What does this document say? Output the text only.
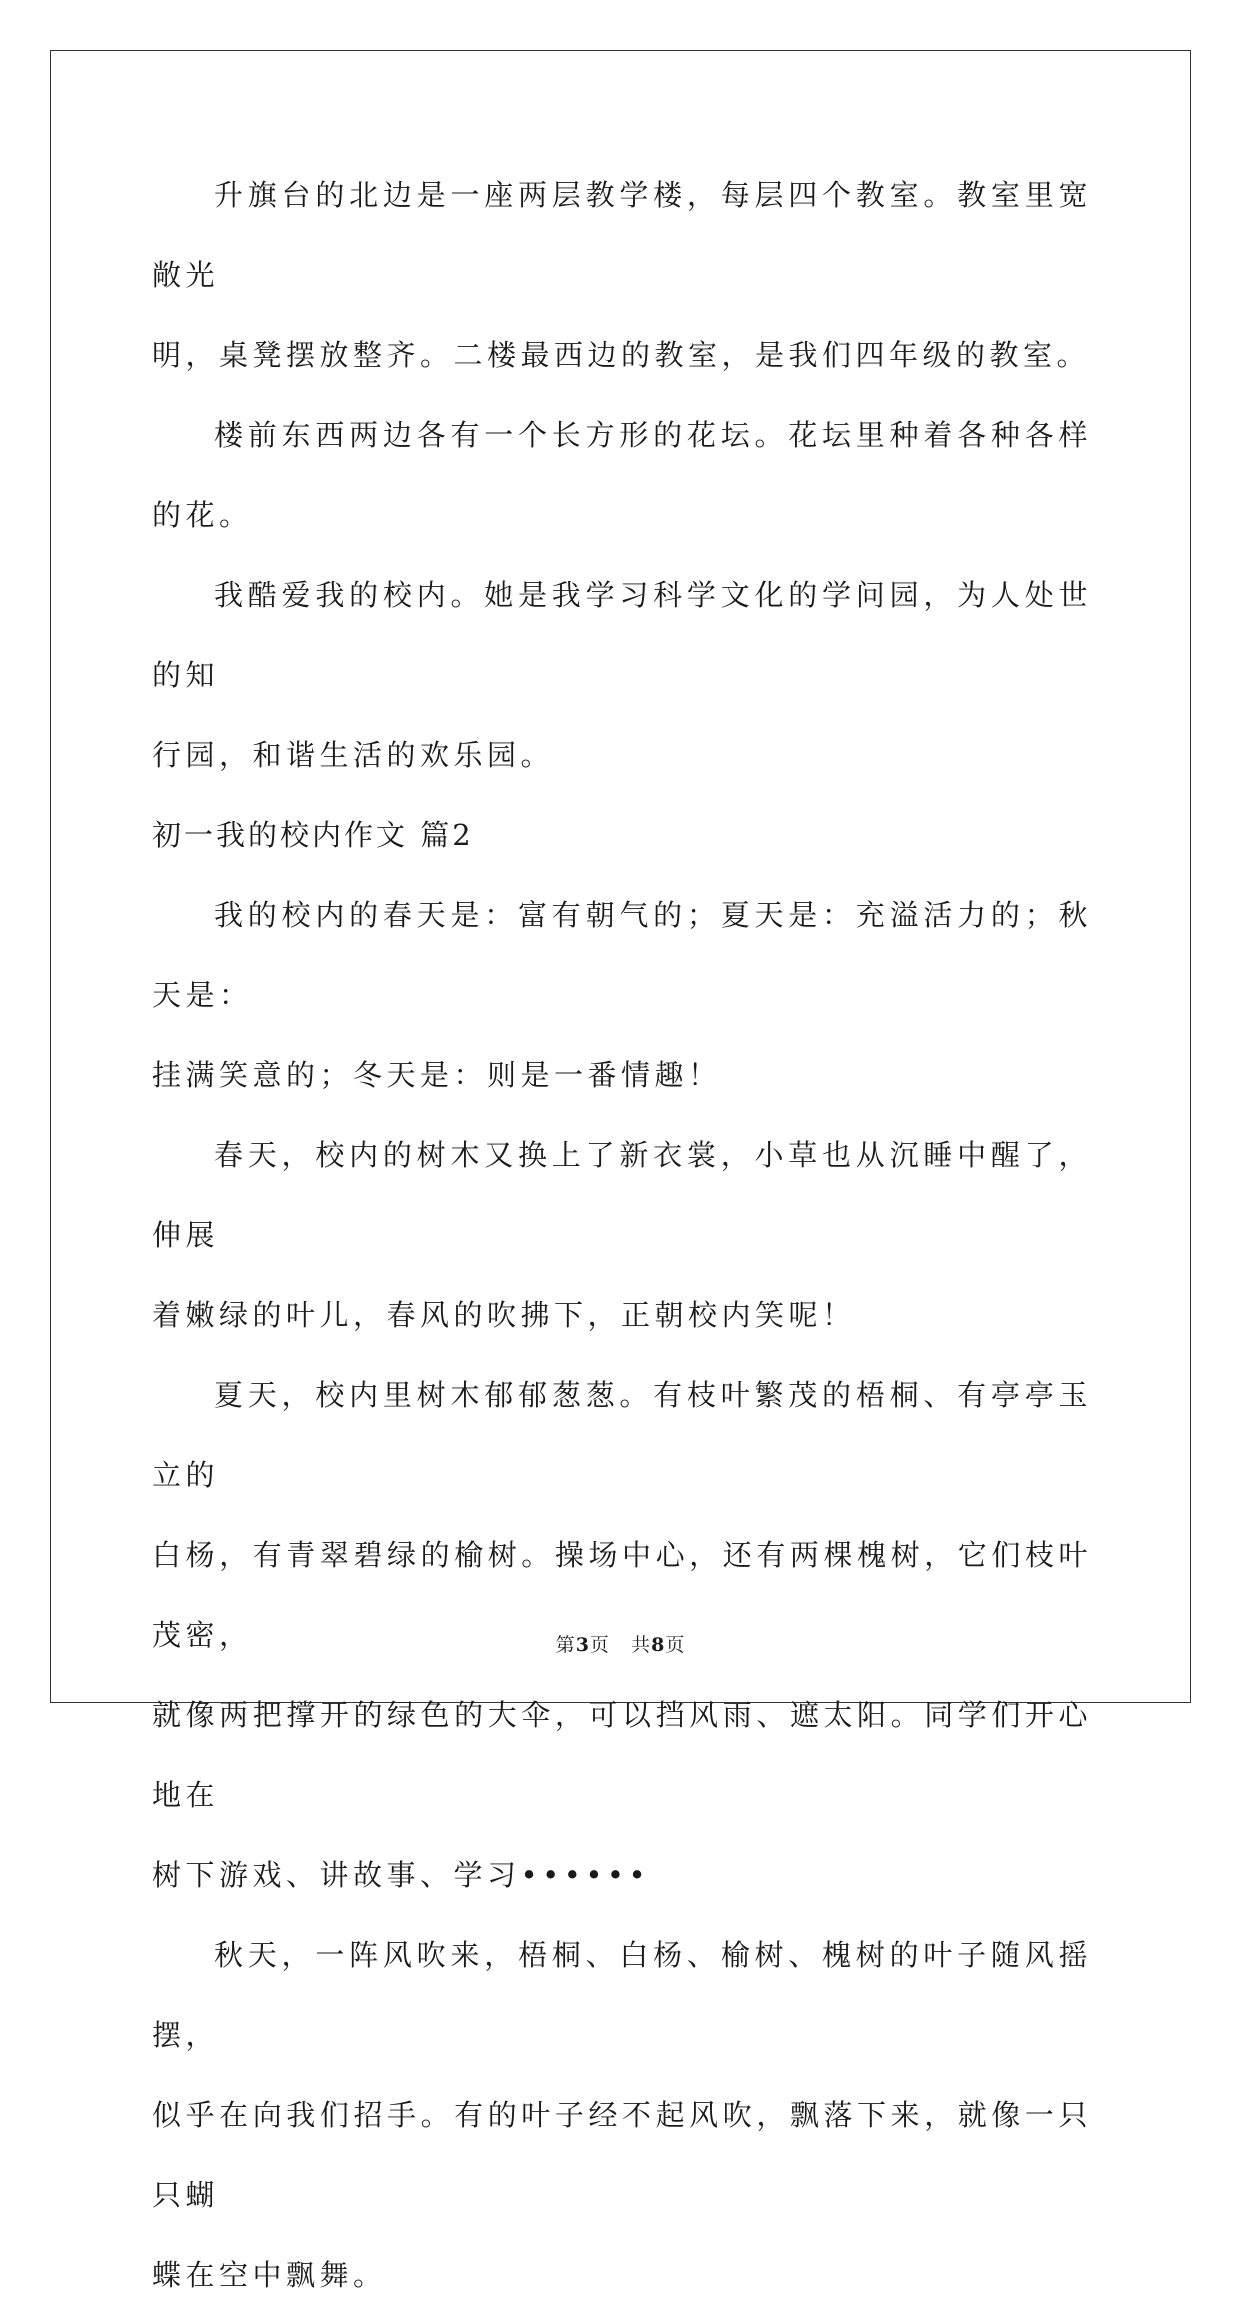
升旗台的北边是一座两层教学楼，每层四个教室。教室里宽敞光
明，桌凳摆放整齐。二楼最西边的教室，是我们四年级的教室。

楼前东西两边各有一个长方形的花坛。花坛里种着各种各样的花。

我酷爱我的校内。她是我学习科学文化的学问园，为人处世的知
行园，和谐生活的欢乐园。

初一我的校内作文 篇2

我的校内的春天是：富有朝气的；夏天是：充溢活力的；秋天是：
挂满笑意的；冬天是：则是一番情趣！

春天，校内的树木又换上了新衣裳，小草也从沉睡中醒了，伸展
着嫩绿的叶儿，春风的吹拂下，正朝校内笑呢！

夏天，校内里树木郁郁葱葱。有枝叶繁茂的梧桐、有亭亭玉立的
白杨，有青翠碧绿的榆树。操场中心，还有两棵槐树，它们枝叶茂密，
就像两把撑开的绿色的大伞，可以挡风雨、遮太阳。同学们开心地在
树下游戏、讲故事、学习••••••

秋天，一阵风吹来，梧桐、白杨、榆树、槐树的叶子随风摇摆，
似乎在向我们招手。有的叶子经不起风吹，飘落下来，就像一只只蝴
蝶在空中飘舞。

第3页 共8页
